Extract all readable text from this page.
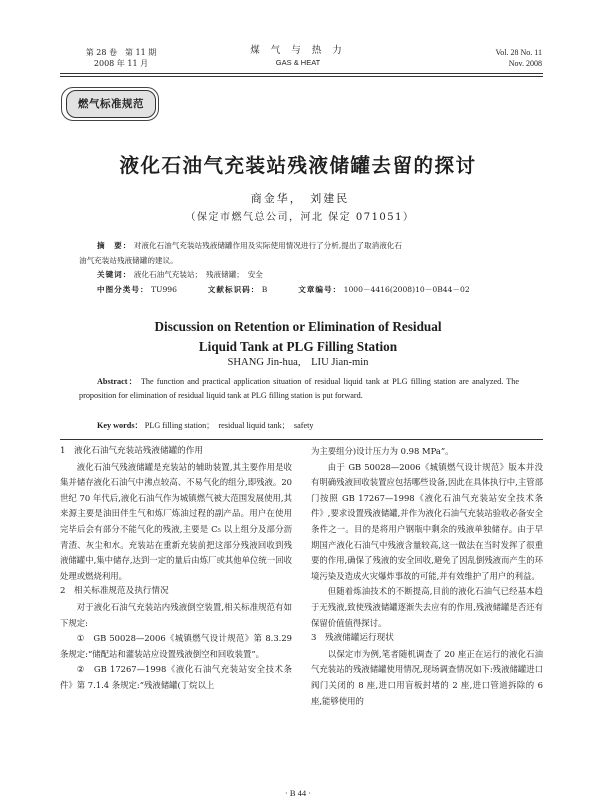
第 28 卷　第 11 期
2008 年 11 月
煤 气 与 热 力
GAS & HEAT
Vol. 28 No. 11
Nov. 2008
燃气标准规范
液化石油气充装站残液储罐去留的探讨
商金华，　刘建民
（保定市燃气总公司，河北 保定 071051）
摘　要： 对液化石油气充装站残液储罐作用及实际使用情况进行了分析,提出了取消液化石
油气充装站残液储罐的建议。
关键词： 液化石油气充装站；　残液储罐；　安全
中图分类号： TU996	文献标识码： B	文章编号： 1000－4416(2008)10－0B44－02
Discussion on Retention or Elimination of Residual
Liquid Tank at PLG Filling Station
SHANG Jin-hua,　LIU Jian-min
Abstract： The function and practical application situation of residual liquid tank at PLG filling station are analyzed. The proposition for elimination of residual liquid tank at PLG filling station is put forward.
Key words： PLG filling station；　residual liquid tank；　safety

1　液化石油气充装站残液储罐的作用

液化石油气残液储罐是充装站的辅助装置,其主要作用是收集并储存液化石油气中沸点较高、不易气化的组分,即残液。20 世纪 70 年代后,液化石油气作为城镇燃气被大范围发展使用,其来源主要是油田伴生气和炼厂炼油过程的副产品。用户在使用完毕后会有部分不能气化的残液,主要是 C₅ 以上组分及部分沥青渣、灰尘和水。充装站在重新充装前把这部分残液回收到残液储罐中,集中储存,达到一定的量后由炼厂或其他单位统一回收处理或燃烧利用。

2　相关标准规范及执行情况

对于液化石油气充装站内残液倒空装置,相关标准规范有如下规定:

①　GB 50028—2006《城镇燃气设计规范》第 8.3.29 条规定:“储配站和灌装站应设置残液倒空和回收装置”。

②　GB 17267—1998《液化石油气充装站安全技术条件》第 7.1.4 条规定:“残液储罐(丁烷以上

为主要组分)设计压力为 0.98 MPa”。

由于 GB 50028—2006《城镇燃气设计规范》版本并没有明确残液回收装置应包括哪些设备,因此在具体执行中,主管部门按照 GB 17267—1998《液化石油气充装站安全技术条件》,要求设置残液储罐,并作为液化石油气充装站验收必备安全条件之一。目的是将用户钢瓶中剩余的残液单独储存。由于早期国产液化石油气中残液含量较高,这一做法在当时发挥了很重要的作用,确保了残液的安全回收,避免了因乱倒残液而产生的环境污染及造成火灾爆炸事故的可能,并有效维护了用户的利益。

但随着炼油技术的不断提高,目前的液化石油气已经基本趋于无残液,致使残液储罐逐渐失去应有的作用,残液储罐是否还有保留价值值得探讨。

3　残液储罐运行现状

以保定市为例,笔者随机调查了 20 座正在运行的液化石油气充装站的残液储罐使用情况,现场调查情况如下:残液储罐进口阀门关闭的 8 座,进口用盲板封堵的 2 座,进口管道拆除的 6 座,能够使用的

· B 44 ·
